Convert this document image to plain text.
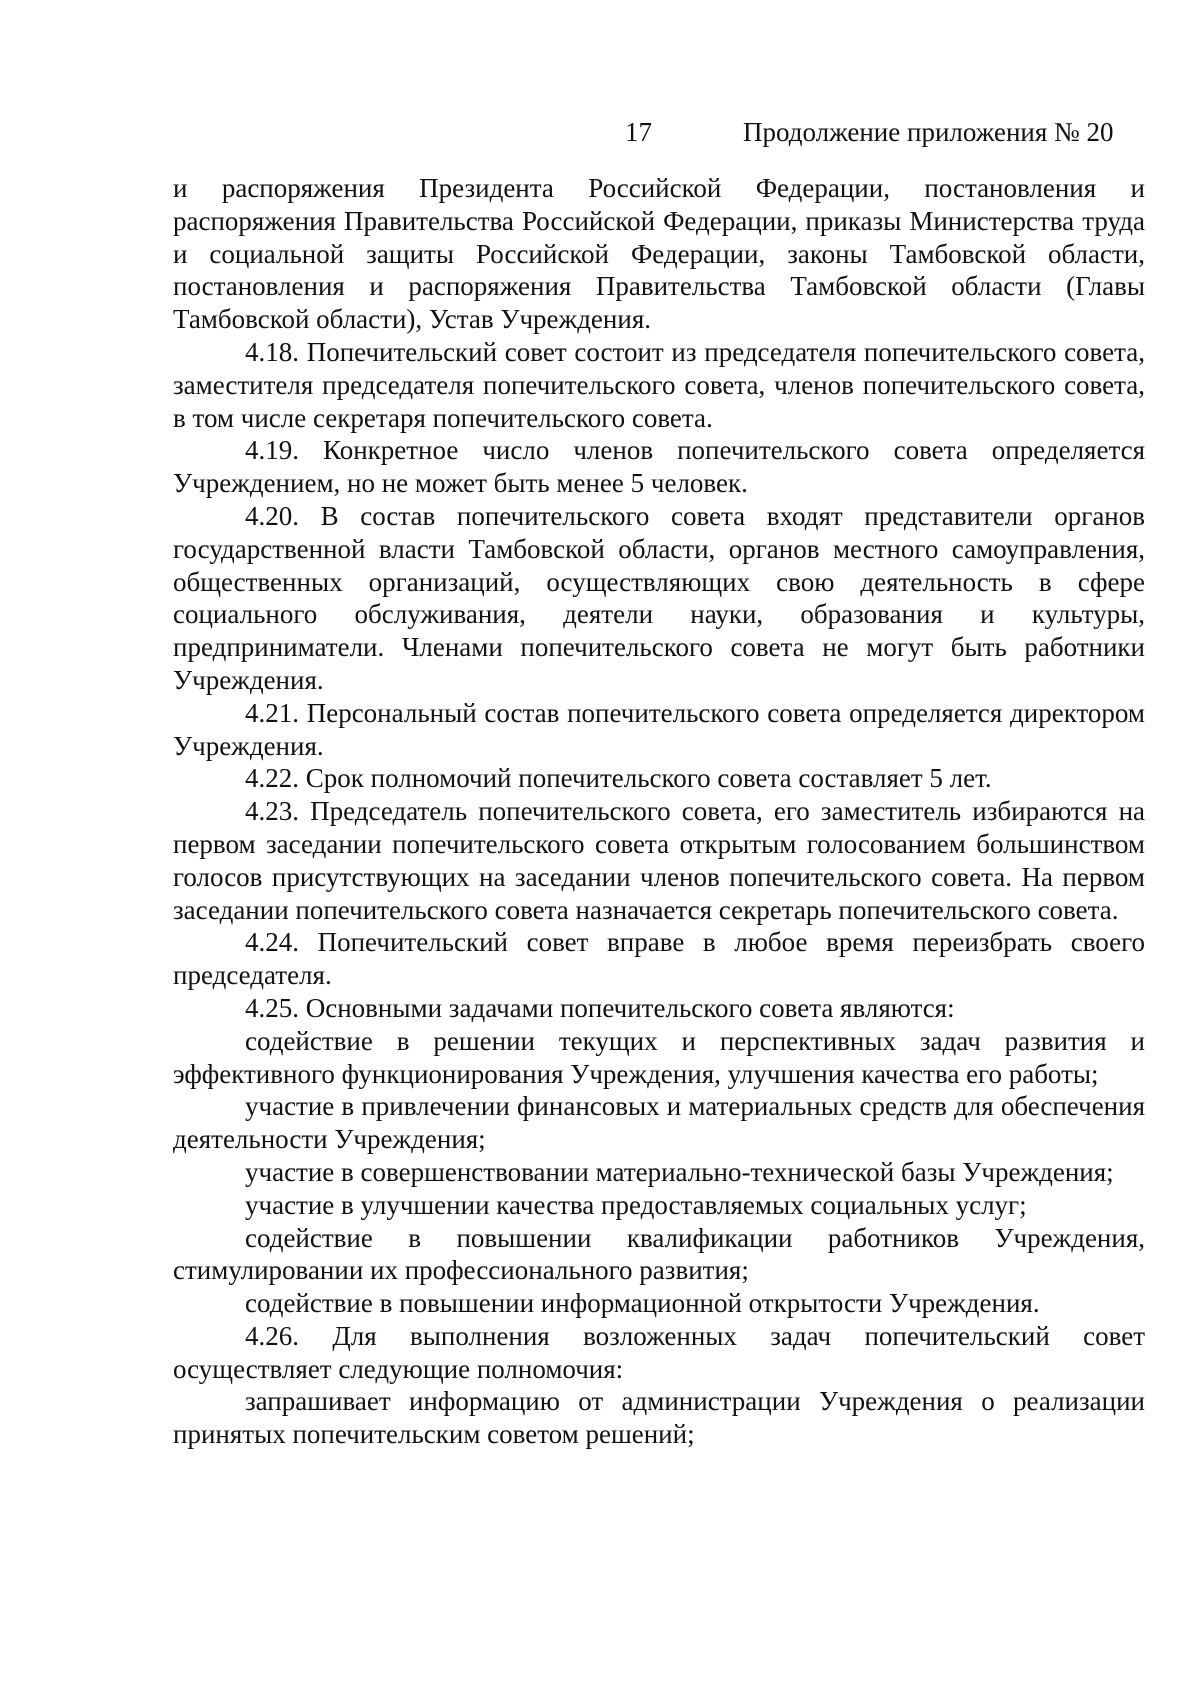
17	Продолжение приложения № 20

и распоряжения Президента Российской Федерации, постановления и распоряжения Правительства Российской Федерации, приказы Министерства труда и социальной защиты Российской Федерации, законы Тамбовской области, постановления и распоряжения Правительства Тамбовской области (Главы Тамбовской области), Устав Учреждения.

4.18. Попечительский совет состоит из председателя попечительского совета, заместителя председателя попечительского совета, членов попечительского совета, в том числе секретаря попечительского совета.

4.19. Конкретное число членов попечительского совета определяется Учреждением, но не может быть менее 5 человек.

4.20. В состав попечительского совета входят представители органов государственной власти Тамбовской области, органов местного самоуправления, общественных организаций, осуществляющих свою деятельность в сфере социального обслуживания, деятели науки, образования и культуры, предприниматели. Членами попечительского совета не могут быть работники Учреждения.

4.21. Персональный состав попечительского совета определяется директором Учреждения.

4.22. Срок полномочий попечительского совета составляет 5 лет.

4.23. Председатель попечительского совета, его заместитель избираются на первом заседании попечительского совета открытым голосованием большинством голосов присутствующих на заседании членов попечительского совета. На первом заседании попечительского совета назначается секретарь попечительского совета.

4.24. Попечительский совет вправе в любое время переизбрать своего председателя.

4.25. Основными задачами попечительского совета являются:

содействие в решении текущих и перспективных задач развития и эффективного функционирования Учреждения, улучшения качества его работы;

участие в привлечении финансовых и материальных средств для обеспечения деятельности Учреждения;

участие в совершенствовании материально-технической базы Учреждения;

участие в улучшении качества предоставляемых социальных услуг;

содействие в повышении квалификации работников Учреждения, стимулировании их профессионального развития;

содействие в повышении информационной открытости Учреждения.

4.26. Для выполнения возложенных задач попечительский совет осуществляет следующие полномочия:

запрашивает информацию от администрации Учреждения о реализации принятых попечительским советом решений;
